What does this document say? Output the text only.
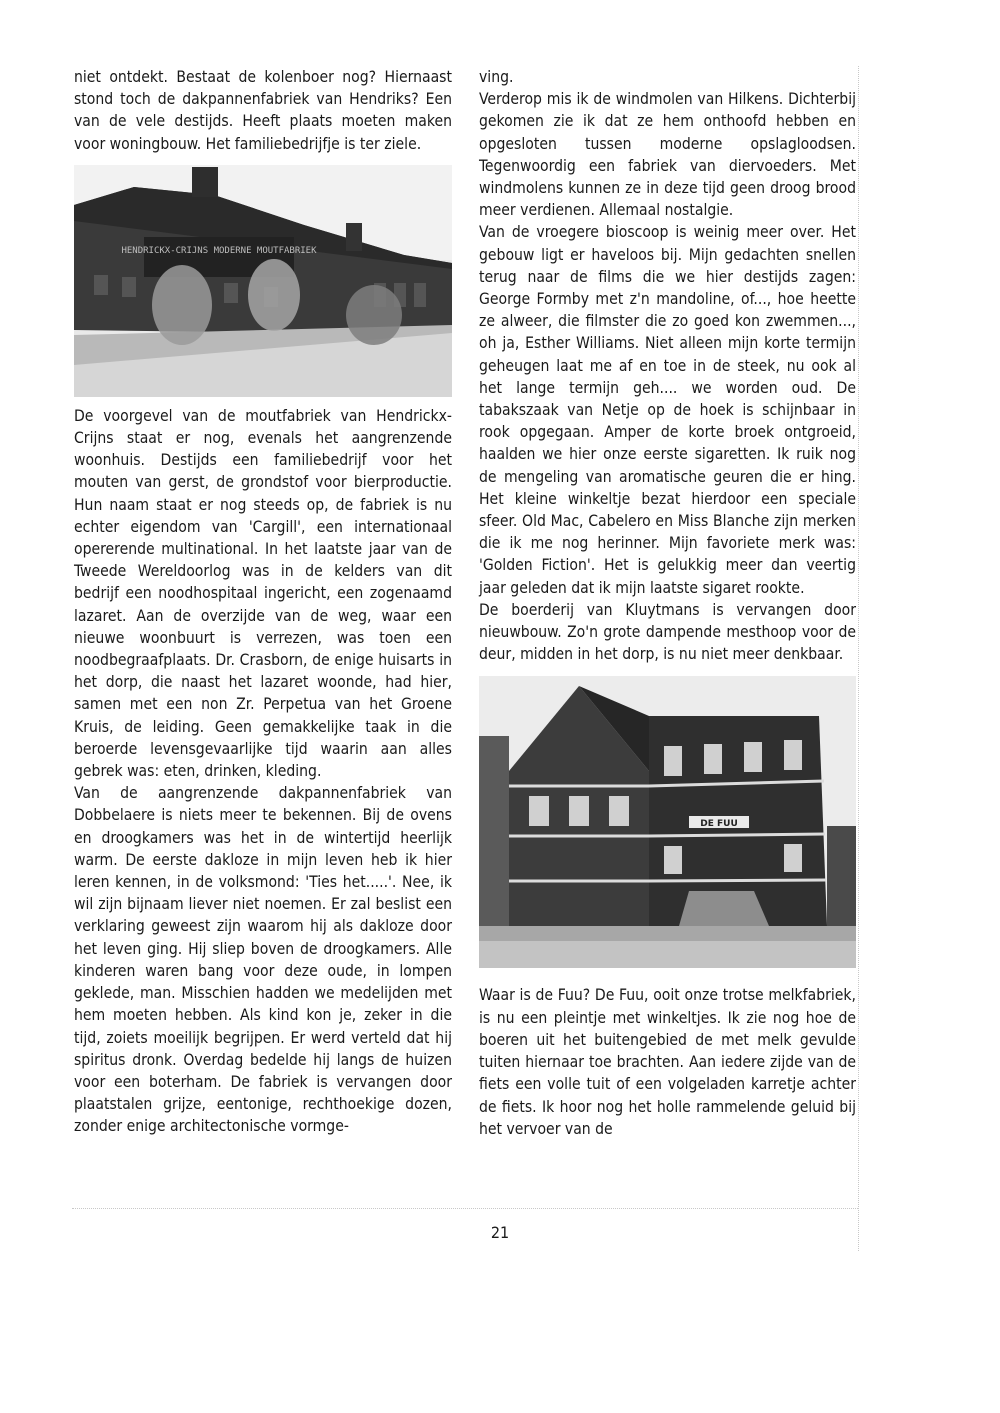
niet ontdekt. Bestaat de kolenboer nog? Hiernaast stond toch de dakpannenfabriek van Hendriks? Een van de vele destijds. Heeft plaats moeten maken voor woningbouw. Het familiebedrijfje is ter ziele.

HENDRICKX-CRIJNS MODERNE MOUTFABRIEK

De voorgevel van de moutfabriek van Hendrickx-Crijns staat er nog, evenals het aangrenzende woonhuis. Destijds een familiebedrijf voor het mouten van gerst, de grondstof voor bierproductie. Hun naam staat er nog steeds op, de fabriek is nu echter eigendom van 'Cargill', een internationaal opererende multinational. In het laatste jaar van de Tweede Wereldoorlog was in de kelders van dit bedrijf een noodhospitaal ingericht, een zogenaamd lazaret. Aan de overzijde van de weg, waar een nieuwe woonbuurt is verrezen, was toen een noodbegraafplaats. Dr. Crasborn, de enige huisarts in het dorp, die naast het lazaret woonde, had hier, samen met een non Zr. Perpetua van het Groene Kruis, de leiding. Geen gemakkelijke taak in die beroerde levensgevaarlijke tijd waarin aan alles gebrek was: eten, drinken, kleding.

Van de aangrenzende dakpannenfabriek van Dobbelaere is niets meer te bekennen. Bij de ovens en droogkamers was het in de wintertijd heerlijk warm. De eerste dakloze in mijn leven heb ik hier leren kennen, in de volksmond: 'Ties het.....'. Nee, ik wil zijn bijnaam liever niet noemen. Er zal beslist een verklaring geweest zijn waarom hij als dakloze door het leven ging. Hij sliep boven de droogkamers. Alle kinderen waren bang voor deze oude, in lompen geklede, man. Misschien hadden we medelijden met hem moeten hebben. Als kind kon je, zeker in die tijd, zoiets moeilijk begrijpen. Er werd verteld dat hij spiritus dronk. Overdag bedelde hij langs de huizen voor een boterham. De fabriek is vervangen door plaatstalen grijze, eentonige, rechthoekige dozen, zonder enige architectonische vormge-

ving.

Verderop mis ik de windmolen van Hilkens. Dichterbij gekomen zie ik dat ze hem onthoofd hebben en opgesloten tussen moderne opslagloodsen. Tegenwoordig een fabriek van diervoeders. Met windmolens kunnen ze in deze tijd geen droog brood meer verdienen. Allemaal nostalgie.

Van de vroegere bioscoop is weinig meer over. Het gebouw ligt er haveloos bij. Mijn gedachten snellen terug naar de films die we hier destijds zagen: George Formby met z'n mandoline, of..., hoe heette ze alweer, die filmster die zo goed kon zwemmen..., oh ja, Esther Williams. Niet alleen mijn korte termijn geheugen laat me af en toe in de steek, nu ook al het lange termijn geh.... we worden oud. De tabakszaak van Netje op de hoek is schijnbaar in rook opgegaan. Amper de korte broek ontgroeid, haalden we hier onze eerste sigaretten. Ik ruik nog de mengeling van aromatische geuren die er hing. Het kleine winkeltje bezat hierdoor een speciale sfeer. Old Mac, Cabelero en Miss Blanche zijn merken die ik me nog herinner. Mijn favoriete merk was: 'Golden Fiction'. Het is gelukkig meer dan veertig jaar geleden dat ik mijn laatste sigaret rookte.

De boerderij van Kluytmans is vervangen door nieuwbouw. Zo'n grote dampende mesthoop voor de deur, midden in het dorp, is nu niet meer denkbaar.

DE FUU

Waar is de Fuu? De Fuu, ooit onze trotse melkfabriek, is nu een pleintje met winkeltjes. Ik zie nog hoe de boeren uit het buitengebied de met melk gevulde tuiten hiernaar toe brachten. Aan iedere zijde van de fiets een volle tuit of een volgeladen karretje achter de fiets. Ik hoor nog het holle rammelende geluid bij het vervoer van de

21
